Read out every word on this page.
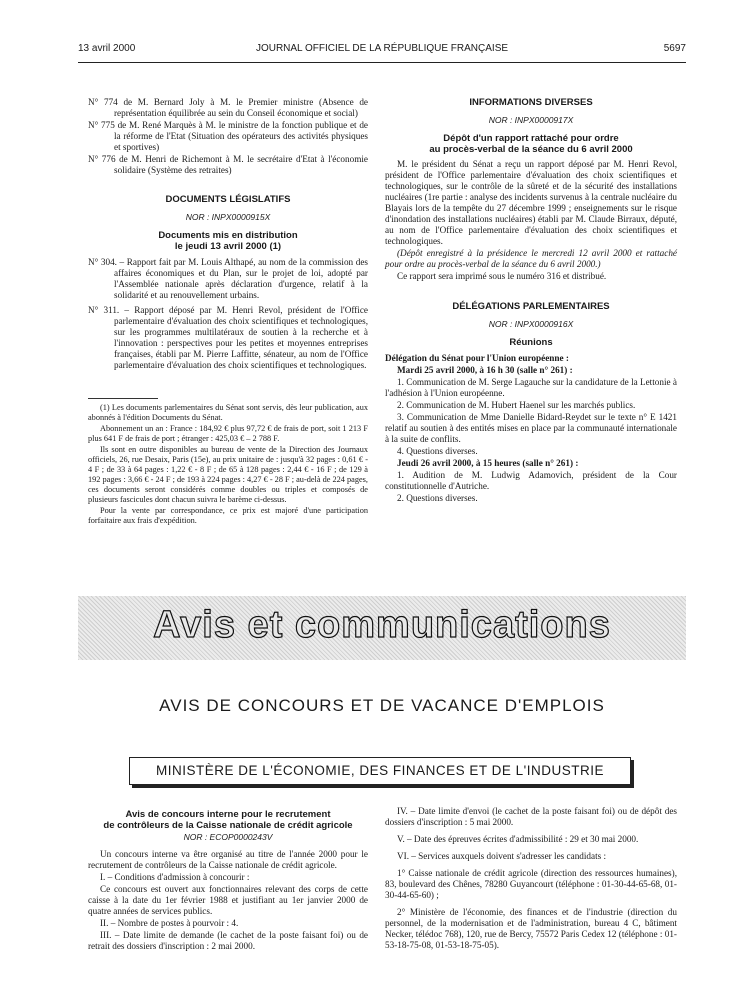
13 avril 2000	JOURNAL OFFICIEL DE LA RÉPUBLIQUE FRANÇAISE	5697

N° 774 de M. Bernard Joly à M. le Premier ministre (Absence de représentation équilibrée au sein du Conseil économique et social)

N° 775 de M. René Marquès à M. le ministre de la fonction publique et de la réforme de l'Etat (Situation des opérateurs des activités physiques et sportives)

N° 776 de M. Henri de Richemont à M. le secrétaire d'Etat à l'économie solidaire (Système des retraites)

DOCUMENTS LÉGISLATIFS

NOR : INPX0000915X

Documents mis en distribution

le jeudi 13 avril 2000 (1)

N° 304. – Rapport fait par M. Louis Althapé, au nom de la commission des affaires économiques et du Plan, sur le projet de loi, adopté par l'Assemblée nationale après déclaration d'urgence, relatif à la solidarité et au renouvellement urbains.

N° 311. – Rapport déposé par M. Henri Revol, président de l'Office parlementaire d'évaluation des choix scientifiques et technologiques, sur les programmes multilatéraux de soutien à la recherche et à l'innovation : perspectives pour les petites et moyennes entreprises françaises, établi par M. Pierre Laffitte, sénateur, au nom de l'Office parlementaire d'évaluation des choix scientifiques et technologiques.

(1) Les documents parlementaires du Sénat sont servis, dès leur publication, aux abonnés à l'édition Documents du Sénat.

Abonnement un an : France : 184,92 € plus 97,72 € de frais de port, soit 1 213 F plus 641 F de frais de port ; étranger : 425,03 € – 2 788 F.

Ils sont en outre disponibles au bureau de vente de la Direction des Journaux officiels, 26, rue Desaix, Paris (15e), au prix unitaire de : jusqu'à 32 pages : 0,61 € - 4 F ; de 33 à 64 pages : 1,22 € - 8 F ; de 65 à 128 pages : 2,44 € - 16 F ; de 129 à 192 pages : 3,66 € - 24 F ; de 193 à 224 pages : 4,27 € - 28 F ; au-delà de 224 pages, ces documents seront considérés comme doubles ou triples et composés de plusieurs fascicules dont chacun suivra le barème ci-dessus.

Pour la vente par correspondance, ce prix est majoré d'une participation forfaitaire aux frais d'expédition.

INFORMATIONS DIVERSES

NOR : INPX0000917X

Dépôt d'un rapport rattaché pour ordre

au procès-verbal de la séance du 6 avril 2000

M. le président du Sénat a reçu un rapport déposé par M. Henri Revol, président de l'Office parlementaire d'évaluation des choix scientifiques et technologiques, sur le contrôle de la sûreté et de la sécurité des installations nucléaires (1re partie : analyse des incidents survenus à la centrale nucléaire du Blayais lors de la tempête du 27 décembre 1999 ; enseignements sur le risque d'inondation des installations nucléaires) établi par M. Claude Birraux, député, au nom de l'Office parlementaire d'évaluation des choix scientifiques et technologiques.

(Dépôt enregistré à la présidence le mercredi 12 avril 2000 et rattaché pour ordre au procès-verbal de la séance du 6 avril 2000.)

Ce rapport sera imprimé sous le numéro 316 et distribué.

DÉLÉGATIONS PARLEMENTAIRES

NOR : INPX0000916X

Réunions

Délégation du Sénat pour l'Union européenne :

Mardi 25 avril 2000, à 16 h 30 (salle n° 261) :

1. Communication de M. Serge Lagauche sur la candidature de la Lettonie à l'adhésion à l'Union européenne.

2. Communication de M. Hubert Haenel sur les marchés publics.

3. Communication de Mme Danielle Bidard-Reydet sur le texte n° E 1421 relatif au soutien à des entités mises en place par la communauté internationale à la suite de conflits.

4. Questions diverses.

Jeudi 26 avril 2000, à 15 heures (salle n° 261) :

1. Audition de M. Ludwig Adamovich, président de la Cour constitutionnelle d'Autriche.

2. Questions diverses.

Avis et communications
AVIS DE CONCOURS ET DE VACANCE D'EMPLOIS
MINISTÈRE DE L'ÉCONOMIE, DES FINANCES ET DE L'INDUSTRIE

Avis de concours interne pour le recrutement

de contrôleurs de la Caisse nationale de crédit agricole

NOR : ECOP0000243V

Un concours interne va être organisé au titre de l'année 2000 pour le recrutement de contrôleurs de la Caisse nationale de crédit agricole.

I. – Conditions d'admission à concourir :

Ce concours est ouvert aux fonctionnaires relevant des corps de cette caisse à la date du 1er février 1988 et justifiant au 1er janvier 2000 de quatre années de services publics.

II. – Nombre de postes à pourvoir : 4.

III. – Date limite de demande (le cachet de la poste faisant foi) ou de retrait des dossiers d'inscription : 2 mai 2000.

IV. – Date limite d'envoi (le cachet de la poste faisant foi) ou de dépôt des dossiers d'inscription : 5 mai 2000.

V. – Date des épreuves écrites d'admissibilité : 29 et 30 mai 2000.

VI. – Services auxquels doivent s'adresser les candidats :

1° Caisse nationale de crédit agricole (direction des ressources humaines), 83, boulevard des Chênes, 78280 Guyancourt (téléphone : 01-30-44-65-68, 01-30-44-65-60) ;

2° Ministère de l'économie, des finances et de l'industrie (direction du personnel, de la modernisation et de l'administration, bureau 4 C, bâtiment Necker, télédoc 768), 120, rue de Bercy, 75572 Paris Cedex 12 (téléphone : 01-53-18-75-08, 01-53-18-75-05).
